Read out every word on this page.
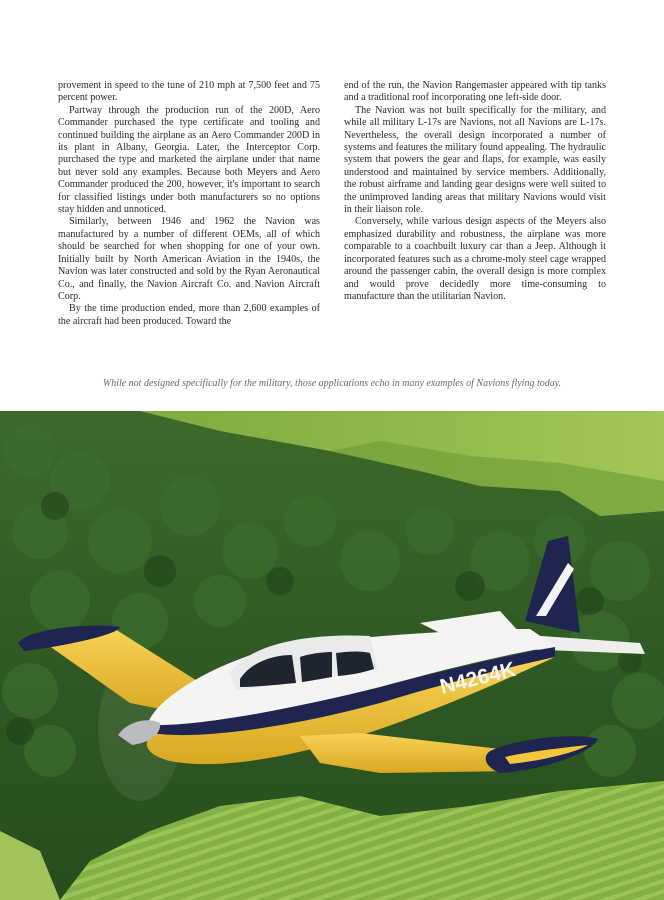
provement in speed to the tune of 210 mph at 7,500 feet and 75 percent power.

Partway through the production run of the 200D, Aero Commander purchased the type certificate and tooling and continued building the airplane as an Aero Commander 200D in its plant in Albany, Georgia. Later, the Interceptor Corp. purchased the type and marketed the airplane under that name but never sold any examples. Because both Meyers and Aero Commander produced the 200, however, it's important to search for classified listings under both manufacturers so no options stay hidden and unnoticed.

Similarly, between 1946 and 1962 the Navion was manufactured by a number of different OEMs, all of which should be searched for when shopping for one of your own. Initially built by North American Aviation in the 1940s, the Navion was later constructed and sold by the Ryan Aeronautical Co., and finally, the Navion Aircraft Co. and Navion Aircraft Corp.

By the time production ended, more than 2,600 examples of the aircraft had been produced. Toward the

end of the run, the Navion Rangemaster appeared with tip tanks and a traditional roof incorporating one left-side door.

The Navion was not built specifically for the military, and while all military L-17s are Navions, not all Navions are L-17s. Nevertheless, the overall design incorporated a number of systems and features the military found appealing. The hydraulic system that powers the gear and flaps, for example, was easily understood and maintained by service members. Additionally, the robust airframe and landing gear designs were well suited to the unimproved landing areas that military Navions would visit in their liaison role.

Conversely, while various design aspects of the Meyers also emphasized durability and robustness, the airplane was more comparable to a coachbuilt luxury car than a Jeep. Although it incorporated features such as a chrome-moly steel cage wrapped around the passenger cabin, the overall design is more complex and would prove decidedly more time-consuming to manufacture than the utilitarian Navion.

While not designed specifically for the military, those applications echo in many examples of Navions flying today.
N4264K
